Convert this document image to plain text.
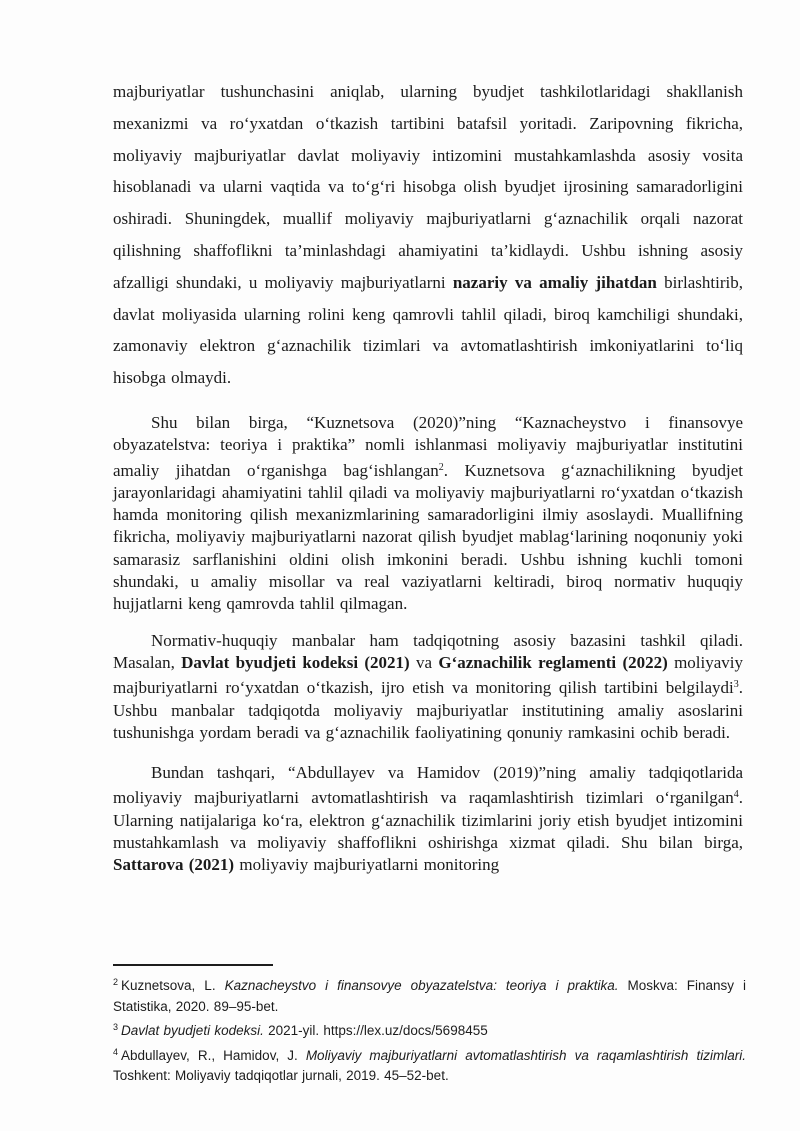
majburiyatlar tushunchasini aniqlab, ularning byudjet tashkilotlaridagi shakllanish mexanizmi va ro‘yxatdan o‘tkazish tartibini batafsil yoritadi. Zaripovning fikricha, moliyaviy majburiyatlar davlat moliyaviy intizomini mustahkamlashda asosiy vosita hisoblanadi va ularni vaqtida va to‘g‘ri hisobga olish byudjet ijrosining samaradorligini oshiradi. Shuningdek, muallif moliyaviy majburiyatlarni g‘aznachilik orqali nazorat qilishning shaffoflikni ta’minlashdagi ahamiyatini ta’kidlaydi. Ushbu ishning asosiy afzalligi shundaki, u moliyaviy majburiyatlarni nazariy va amaliy jihatdan birlashtirib, davlat moliyasida ularning rolini keng qamrovli tahlil qiladi, biroq kamchiligi shundaki, zamonaviy elektron g‘aznachilik tizimlari va avtomatlashtirish imkoniyatlarini to‘liq hisobga olmaydi.

Shu bilan birga, “Kuznetsova (2020)”ning “Kaznacheystvo i finansovye obyazatelstva: teoriya i praktika” nomli ishlanmasi moliyaviy majburiyatlar institutini amaliy jihatdan o‘rganishga bag‘ishlangan$^2$. Kuznetsova g‘aznachilikning byudjet jarayonlaridagi ahamiyatini tahlil qiladi va moliyaviy majburiyatlarni ro‘yxatdan o‘tkazish hamda monitoring qilish mexanizmlarining samaradorligini ilmiy asoslaydi. Muallifning fikricha, moliyaviy majburiyatlarni nazorat qilish byudjet mablag‘larining noqonuniy yoki samarasiz sarflanishini oldini olish imkonini beradi. Ushbu ishning kuchli tomoni shundaki, u amaliy misollar va real vaziyatlarni keltiradi, biroq normativ huquqiy hujjatlarni keng qamrovda tahlil qilmagan.

Normativ-huquqiy manbalar ham tadqiqotning asosiy bazasini tashkil qiladi. Masalan, Davlat byudjeti kodeksi (2021) va G‘aznachilik reglamenti (2022) moliyaviy majburiyatlarni ro‘yxatdan o‘tkazish, ijro etish va monitoring qilish tartibini belgilaydi$^3$. Ushbu manbalar tadqiqotda moliyaviy majburiyatlar institutining amaliy asoslarini tushunishga yordam beradi va g‘aznachilik faoliyatining qonuniy ramkasini ochib beradi.

Bundan tashqari, “Abdullayev va Hamidov (2019)”ning amaliy tadqiqotlarida moliyaviy majburiyatlarni avtomatlashtirish va raqamlashtirish tizimlari o‘rganilgan$^4$. Ularning natijalariga ko‘ra, elektron g‘aznachilik tizimlarini joriy etish byudjet intizomini mustahkamlash va moliyaviy shaffoflikni oshirishga xizmat qiladi. Shu bilan birga, Sattarova (2021) moliyaviy majburiyatlarni monitoring

$^2$ Kuznetsova, L. Kaznacheystvo i finansovye obyazatelstva: teoriya i praktika. Moskva: Finansy i Statistika, 2020. 89–95-bet.
$^3$ Davlat byudjeti kodeksi. 2021-yil. https://lex.uz/docs/5698455
$^4$ Abdullayev, R., Hamidov, J. Moliyaviy majburiyatlarni avtomatlashtirish va raqamlashtirish tizimlari. Toshkent: Moliyaviy tadqiqotlar jurnali, 2019. 45–52-bet.
